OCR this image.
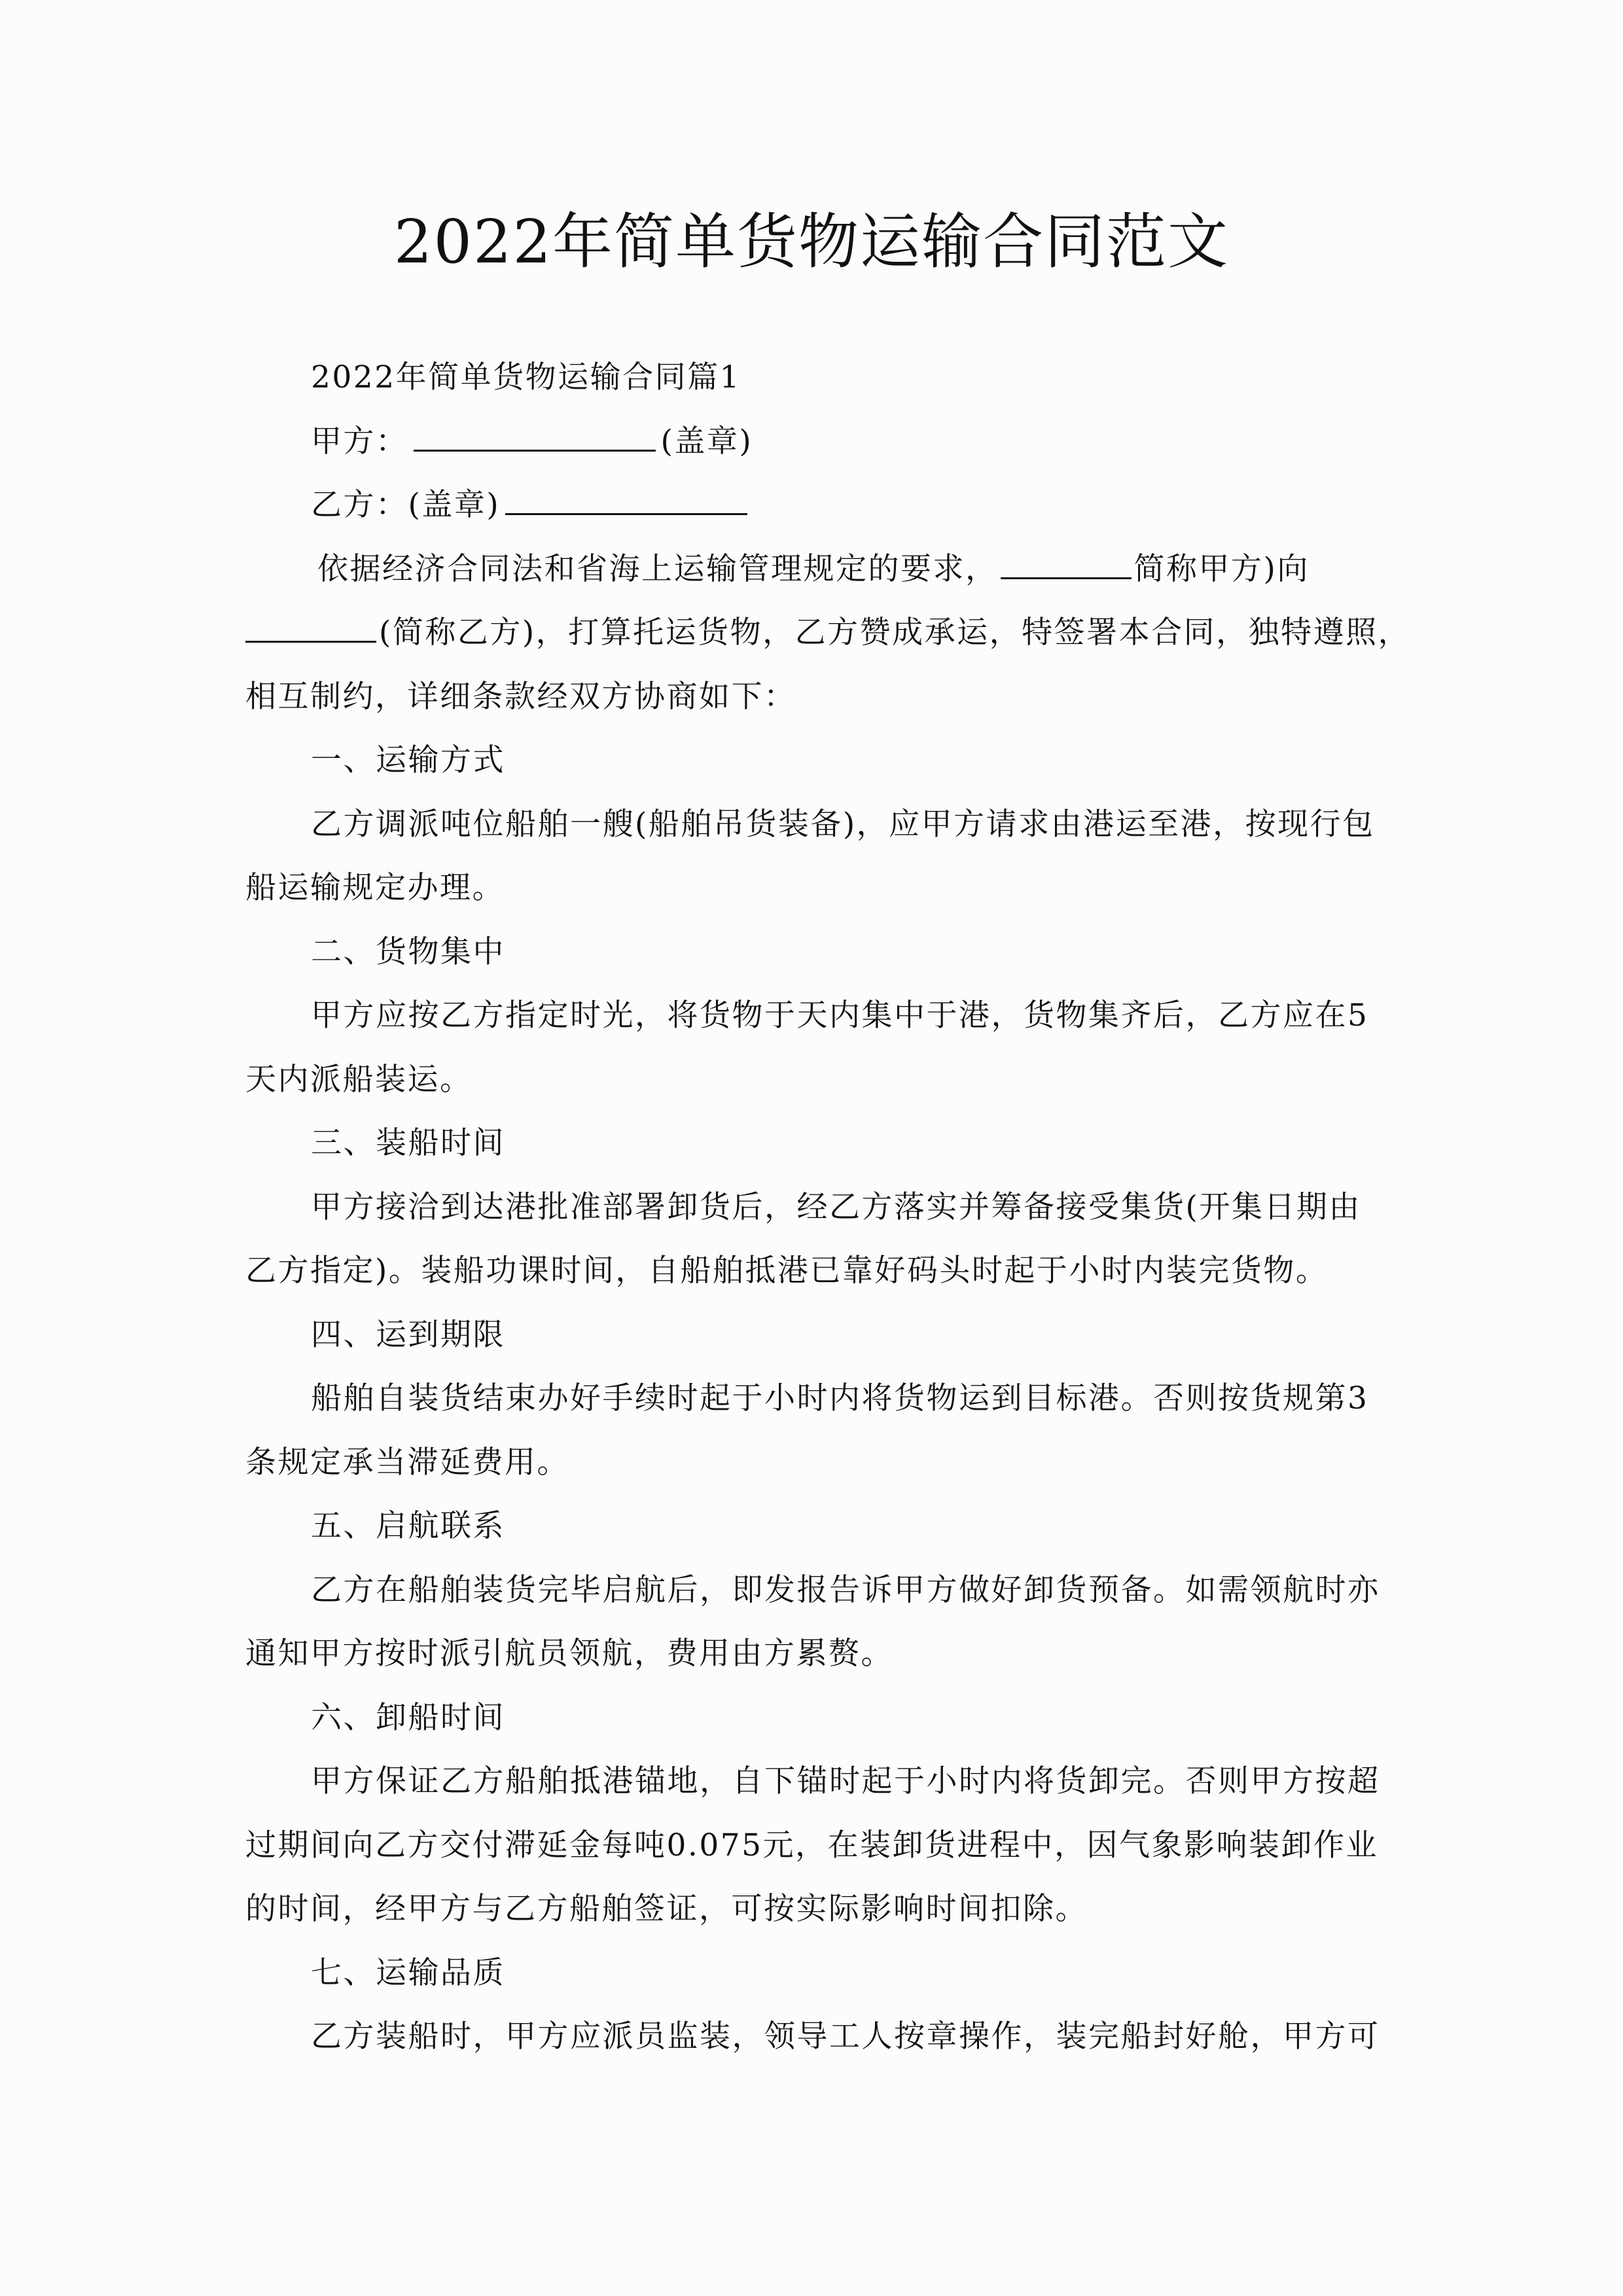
2022年简单货物运输合同范文
2022年简单货物运输合同篇1
甲方：	(盖章)
乙方：(盖章)
依据经济合同法和省海上运输管理规定的要求，	简称甲方)向
(简称乙方)，打算托运货物，乙方赞成承运，特签署本合同，独特遵照，
相互制约，详细条款经双方协商如下：
一、运输方式
乙方调派吨位船舶一艘(船舶吊货装备)，应甲方请求由港运至港，按现行包
船运输规定办理。
二、货物集中
甲方应按乙方指定时光，将货物于天内集中于港，货物集齐后，乙方应在5
天内派船装运。
三、装船时间
甲方接洽到达港批准部署卸货后，经乙方落实并筹备接受集货(开集日期由
乙方指定)。装船功课时间，自船舶抵港已靠好码头时起于小时内装完货物。
四、运到期限
船舶自装货结束办好手续时起于小时内将货物运到目标港。否则按货规第3
条规定承当滞延费用。
五、启航联系
乙方在船舶装货完毕启航后，即发报告诉甲方做好卸货预备。如需领航时亦
通知甲方按时派引航员领航，费用由方累赘。
六、卸船时间
甲方保证乙方船舶抵港锚地，自下锚时起于小时内将货卸完。否则甲方按超
过期间向乙方交付滞延金每吨0.075元，在装卸货进程中，因气象影响装卸作业
的时间，经甲方与乙方船舶签证，可按实际影响时间扣除。
七、运输品质
乙方装船时，甲方应派员监装，领导工人按章操作，装完船封好舱，甲方可
